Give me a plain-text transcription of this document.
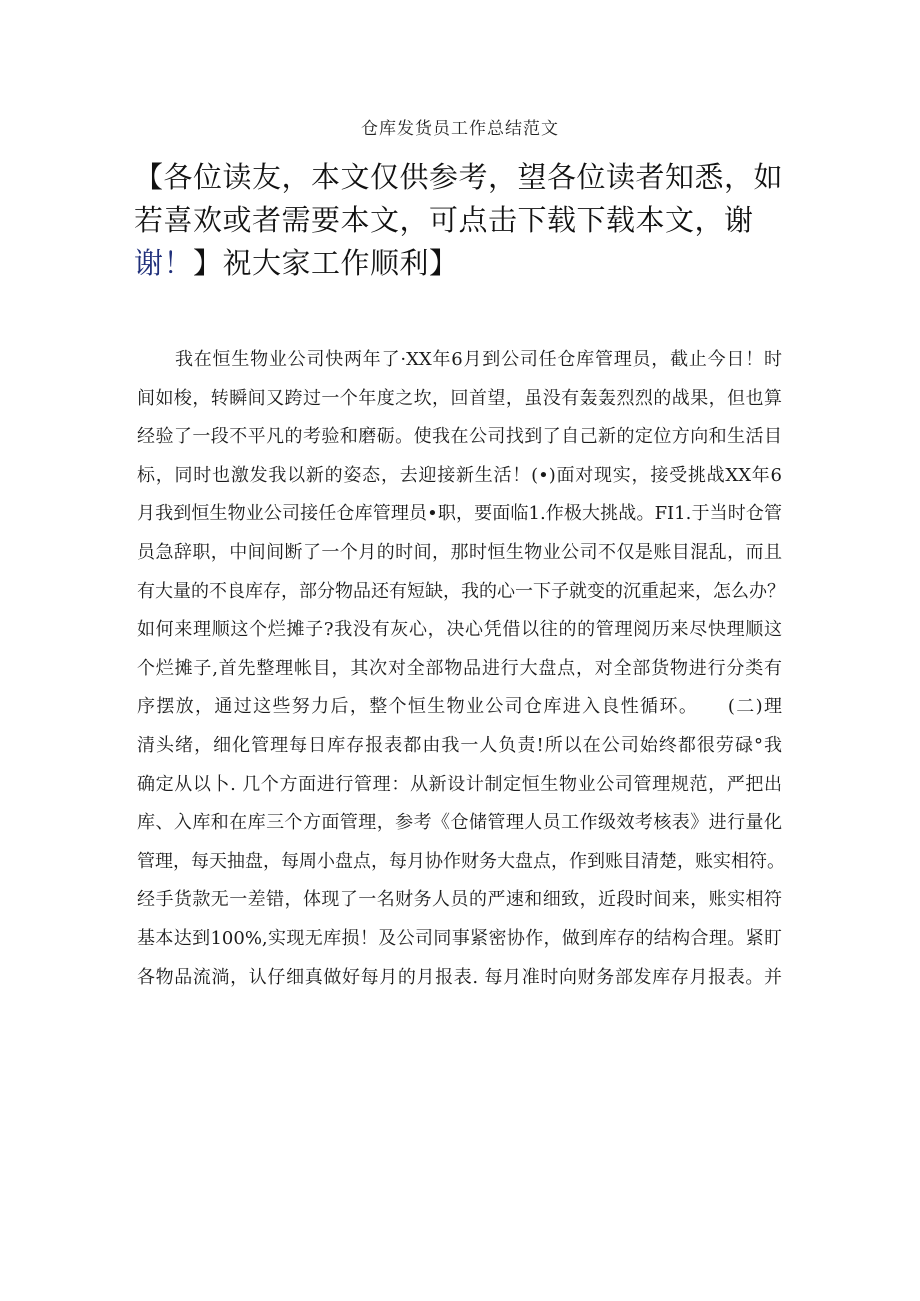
仓库发货员工作总结范文
【各位读友，本文仅供参考，望各位读者知悉，如
若喜欢或者需要本文，可点击下载下载本文，谢
谢！】祝大家工作顺利】
我在恒生物业公司快两年了·XX年6月到公司任仓库管理员，截止今日！时
间如梭，转瞬间又跨过一个年度之坎，回首望，虽没有轰轰烈烈的战果，但也算
经验了一段不平凡的考验和磨砺。使我在公司找到了自己新的定位方向和生活目
标，同时也激发我以新的姿态，去迎接新生活！(•)面对现实，接受挑战XX年6
月我到恒生物业公司接任仓库管理员•职，要面临1.作极大挑战。FI1.于当时仓管
员急辞职，中间间断了一个月的时间，那时恒生物业公司不仅是账目混乱，而且
有大量的不良库存，部分物品还有短缺，我的心一下子就变的沉重起来，怎么办？
如何来理顺这个烂摊子?我没有灰心，决心凭借以往的的管理阅历来尽快理顺这
个烂摊子,首先整理帐目，其次对全部物品进行大盘点，对全部货物进行分类有
序摆放，通过这些努力后，整个恒生物业公司仓库进入良性循环。　　(二)理
清头绪，细化管理每日库存报表都由我一人负责!所以在公司始终都很劳碌°我
确定从以卜. 几个方面进行管理：从新设计制定恒生物业公司管理规范，严把出
库、入库和在库三个方面管理，参考《仓储管理人员工作级效考核表》进行量化
管理，每天抽盘，每周小盘点，每月协作财务大盘点，作到账目清楚，账实相符。
经手货款无一差错，体现了一名财务人员的严速和细致，近段时间来，账实相符
基本达到100%,实现无库损！及公司同事紧密协作，做到库存的结构合理。紧盯
各物品流淌，认仔细真做好每月的月报表. 每月准时向财务部发库存月报表。并
